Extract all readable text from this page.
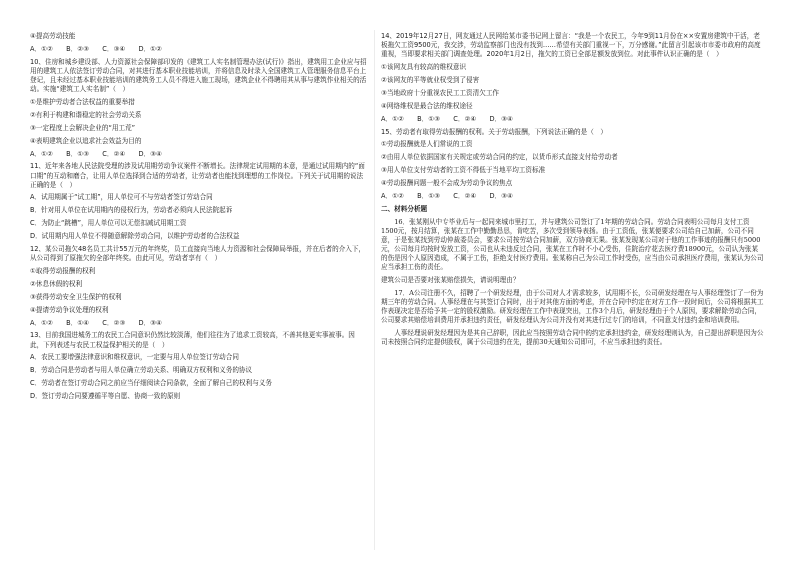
④提高劳动技能

A．①②　　B．②③　　C．③④　　D．①②

10、住房和城乡建设部、人力资源社会保障部印发的《建筑工人实名制管理办法(试行)》指出，建筑用工企业应与招用的建筑工人依法签订劳动合同，对其进行基本职业技能培训，并将信息及时录入全国建筑工人管理服务信息平台上登记，且未经过基本职业技能培训的建筑务工人员不得进入施工现场，建筑企业不得聘用其从事与建筑作业相关的活动。实施“建筑工人实名制”（　）

①是维护劳动者合法权益的重要举措

②有利于构建和谐稳定的社会劳动关系

③一定程度上会解决企业的“用工荒”

④表明建筑企业以追求社会效益为目的

A．①②　　B．①③　　C．②④　　D．③④

11、近年来各地人民法院受理的涉及试用期劳动争议案件不断增长。法律规定试用期的本意，是通过试用期内的“面口期”的互动和磨合，让用人单位选择到合适的劳动者，让劳动者也能找到理想的工作岗位。下列关于试用期的说法正确的是（　）

A．试用期属于“试工期”，用人单位可不与劳动者签订劳动合同

B．针对用人单位在试用期内的侵权行为，劳动者必须向人民法院起诉

C．为防止“跳槽”，用人单位可以无偿扣减试用期工资

D．试用期内用人单位不得随意解除劳动合同，以维护劳动者的合法权益

12、某公司拖欠48名员工共计55万元的年终奖，员工直接向当地人力资源和社会保障局举报，并在后者的介入下，从公司得到了原拖欠的全部年终奖。由此可见，劳动者享有（　）

①取得劳动报酬的权利

②休息休假的权利

③获得劳动安全卫生保护的权利

④提请劳动争议处理的权利

A．①②　　B．①④　　C．②③　　D．③④

13、目前我国进城务工的农民工合同意识仍然比较淡薄，他们往往为了追求工资较高，不善其他更实事被事。因此，下列表述与农民工权益保护相关的是（　）

A．农民工要增强法律意识和维权意识，一定要与用人单位签订劳动合同

B．劳动合同是劳动者与用人单位确立劳动关系、明确双方权利和义务的协议

C．劳动者在签订劳动合同之前应当仔细阅读合同条款，全面了解自己的权利与义务

D．签订劳动合同要遵循平等自愿、协商一致的原则

14、2019年12月27日，网友通过人民网给某市委书记网上留言：“我是一个农民工，今年9到11月份在××安置房建筑中干活，老板拖欠工资9500元，我交涉，劳动监察部门也没有找到……希望有关部门重视一下，万分感谢。”此留言引起该市市委市政府的高度重视，当即要求相关部门调查处理。2020年1月2日，拖欠的工资已全部足额发放到位。对此事件认识正确的是（　）

①该网友具有较高的维权意识

②该网友的平等就业权受到了侵害

③当地政府十分重视农民工工资清欠工作

④网络维权是最合法的维权途径

A．①②　　B．①③　　C．②④　　D．③④

15、劳动者有取得劳动报酬的权利。关于劳动报酬，下列说法正确的是（　）

①劳动报酬就是人们常说的工资

②由用人单位依据国家有关规定或劳动合同的约定，以货币形式直接支付给劳动者

③用人单位支付劳动者的工资不得低于当地平均工资标准

④劳动报酬问题一般不会成为劳动争议的焦点

A．①②　　B．①③　　C．②④　　D．③④

二、材料分析题

16．张某刚从中专毕业后与一起同来城市里打工，并与建筑公司签订了1年期的劳动合同。劳动合同表明公司每月支付工资1500元，按月结算，张某在工作中勤勤恳恳，肯吃苦，多次受到领导表扬。由于工资低，张某便要求公司给自己加薪，公司不同意，于是张某找到劳动仲裁委员会，要求公司按劳动合同加薪，双方协商无果。张某发现某公司对于他的工作事迹的报酬只有5000元，公司每月均按时发放工资，公司也从未违反过合同，张某在工作时不小心受伤，住院治疗花去医疗费18900元，公司认为张某的伤是因个人原因造成，不属于工伤，拒绝支付医疗费用。张某称自己为公司工作时受伤，应当由公司承担医疗费用，张某认为公司应当承担工伤的责任。

建筑公司是否要对张某赔偿损失，请说明理由？

17．A公司注册不久，招聘了一个研发经理，由于公司对人才需求较多，试用期不长，公司研发经理在与人事经理签订了一份为期三年的劳动合同。人事经理在与其签订合同时，出于对其他方面的考虑，并在合同中约定在对方工作一段时间后，公司将根据其工作表现决定是否给予其一定的股权激励。研发经理在工作中表现突出，工作3个月后，研发经理由于个人原因，要求解除劳动合同，公司要求其赔偿培训费用并承担违约责任，研发经理认为公司并没有对其进行过专门的培训，不同意支付违约金和培训费用。

人事经理说研发经理因为是其自己辞职，因此应当按照劳动合同中的约定承担违约金，研发经理则认为，自己提出辞职是因为公司未按照合同约定提供股权，属于公司违约在先，提前30天通知公司即可，不应当承担违约责任。
